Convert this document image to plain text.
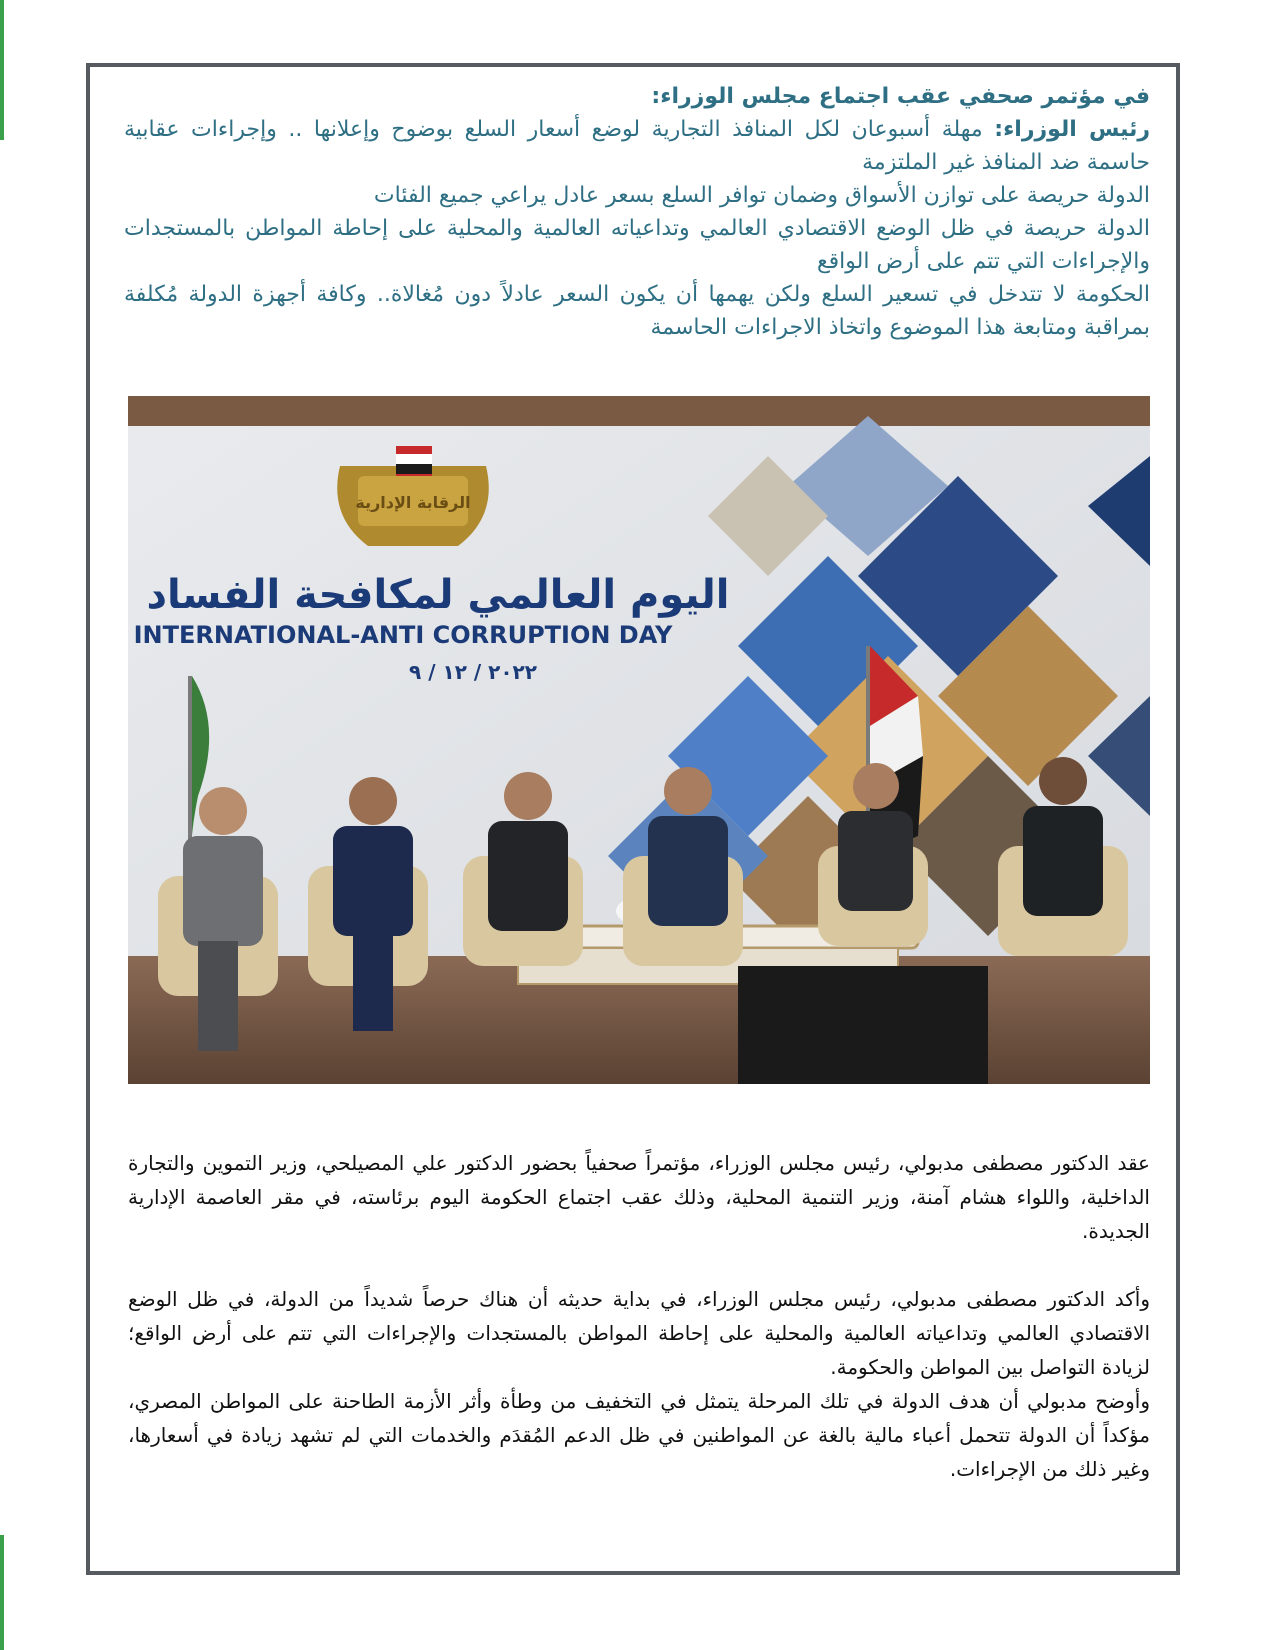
في مؤتمر صحفي عقب اجتماع مجلس الوزراء:

رئيس الوزراء: مهلة أسبوعان لكل المنافذ التجارية لوضع أسعار السلع بوضوح وإعلانها .. وإجراءات عقابية حاسمة ضد المنافذ غير الملتزمة

الدولة حريصة على توازن الأسواق وضمان توافر السلع بسعر عادل يراعي جميع الفئات

الدولة حريصة في ظل الوضع الاقتصادي العالمي وتداعياته العالمية والمحلية على إحاطة المواطن بالمستجدات والإجراءات التي تتم على أرض الواقع

الحكومة لا تتدخل في تسعير السلع ولكن يهمها أن يكون السعر عادلاً دون مُغالاة.. وكافة أجهزة الدولة مُكلفة بمراقبة ومتابعة هذا الموضوع واتخاذ الاجراءات الحاسمة

الرقابة الإدارية
اليوم العالمي لمكافحة الفساد
INTERNATIONAL-ANTI CORRUPTION DAY
٢٠٢٢ / ١٢ / ٩

عقد الدكتور مصطفى مدبولي، رئيس مجلس الوزراء، مؤتمراً صحفياً بحضور الدكتور علي المصيلحي، وزير التموين والتجارة الداخلية، واللواء هشام آمنة، وزير التنمية المحلية، وذلك عقب اجتماع الحكومة اليوم برئاسته، في مقر العاصمة الإدارية الجديدة.

وأكد الدكتور مصطفى مدبولي، رئيس مجلس الوزراء، في بداية حديثه أن هناك حرصاً شديداً من الدولة، في ظل الوضع الاقتصادي العالمي وتداعياته العالمية والمحلية على إحاطة المواطن بالمستجدات والإجراءات التي تتم على أرض الواقع؛ لزيادة التواصل بين المواطن والحكومة.

وأوضح مدبولي أن هدف الدولة في تلك المرحلة يتمثل في التخفيف من وطأة وأثر الأزمة الطاحنة على المواطن المصري، مؤكداً أن الدولة تتحمل أعباء مالية بالغة عن المواطنين في ظل الدعم المُقدَم والخدمات التي لم تشهد زيادة في أسعارها، وغير ذلك من الإجراءات.
